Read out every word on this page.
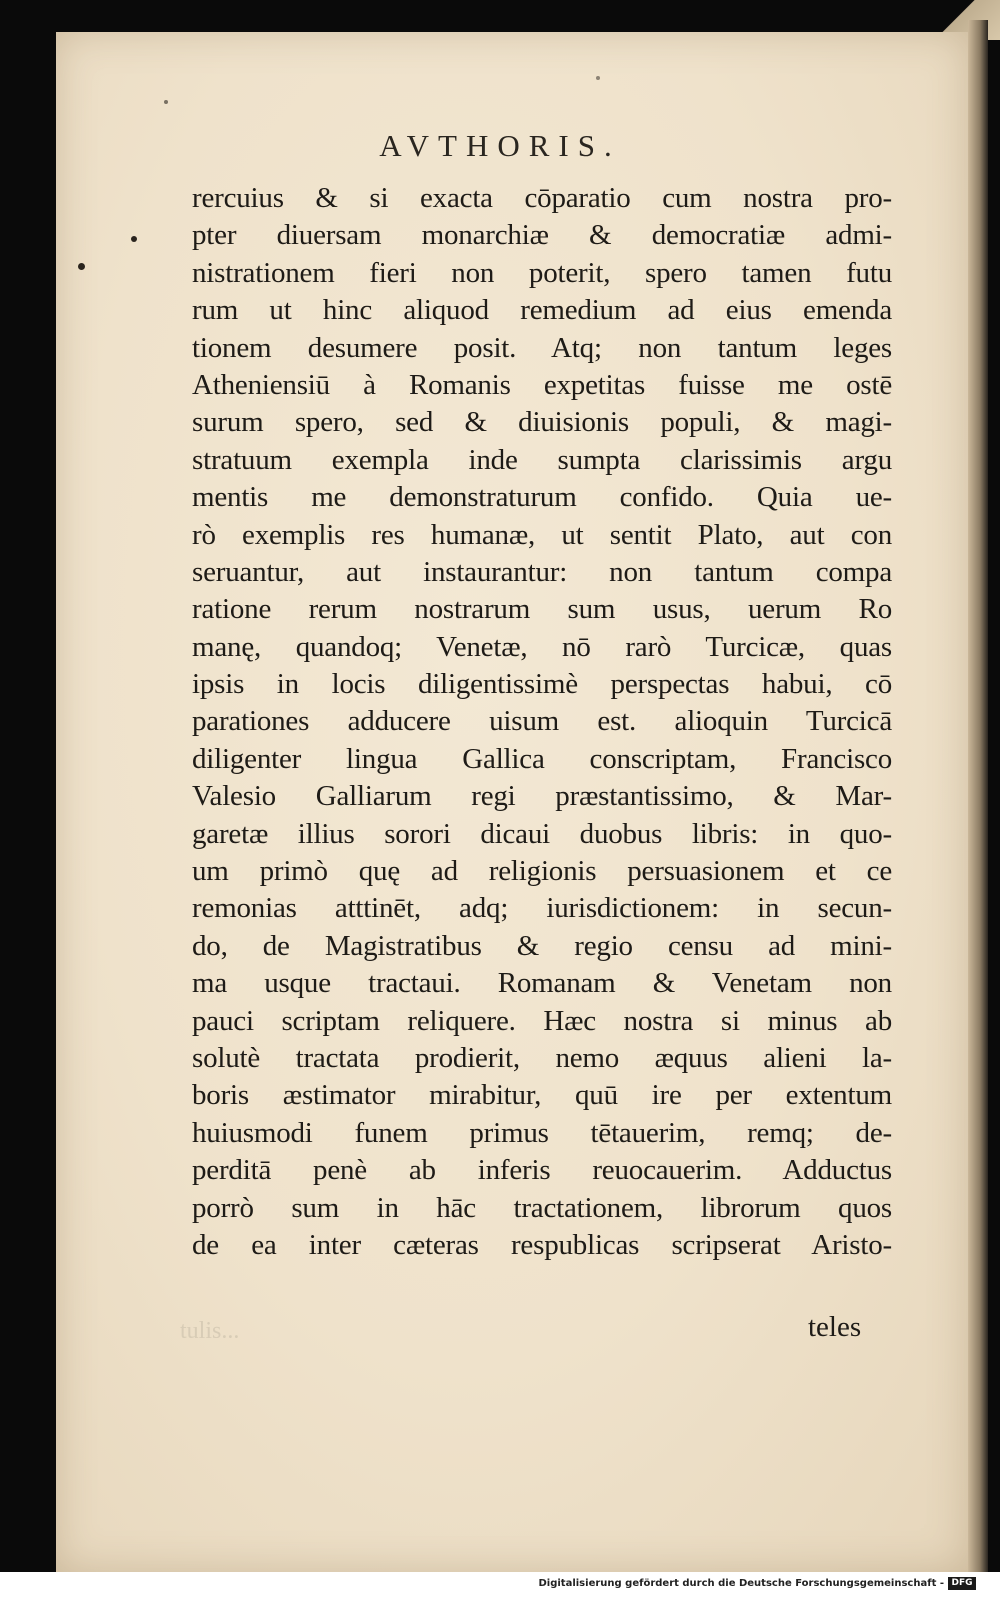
AVTHORIS.
rercuius & si exacta cōparatio cum nostra pro-
pter diuersam monarchiæ & democratiæ admi-
nistrationem fieri non poterit, spero tamen futu
rum ut hinc aliquod remedium ad eius emenda
tionem desumere posit. Atq; non tantum leges
Atheniensiū à Romanis expetitas fuisse me ostē
surum spero, sed & diuisionis populi, & magi-
stratuum exempla inde sumpta clarissimis argu
mentis me demonstraturum confido. Quia ue-
rò exemplis res humanæ, ut sentit Plato, aut con
seruantur, aut instaurantur: non tantum compa
ratione rerum nostrarum sum usus, uerum Ro
manę, quandoq; Venetæ, nō rarò Turcicæ, quas
ipsis in locis diligentissimè perspectas habui, cō
parationes adducere uisum est. alioquin Turcicā
diligenter lingua Gallica conscriptam, Francisco
Valesio Galliarum regi præstantissimo, & Mar-
garetæ illius sorori dicaui duobus libris: in quo-
um primò quę ad religionis persuasionem et ce
remonias atttinēt, adq; iurisdictionem: in secun-
do, de Magistratibus & regio censu ad mini-
ma usque tractaui. Romanam & Venetam non
pauci scriptam reliquere. Hæc nostra si minus ab
solutè tractata prodierit, nemo æquus alieni la-
boris æstimator mirabitur, quū ire per extentum
huiusmodi funem primus tētauerim, remq; de-
perditā penè ab inferis reuocauerim. Adductus
porrò sum in hāc tractationem, librorum quos
de ea inter cæteras respublicas scripserat Aristo-
tulis...	teles
Digitalisierung gefördert durch die Deutsche Forschungsgemeinschaft - DFG
